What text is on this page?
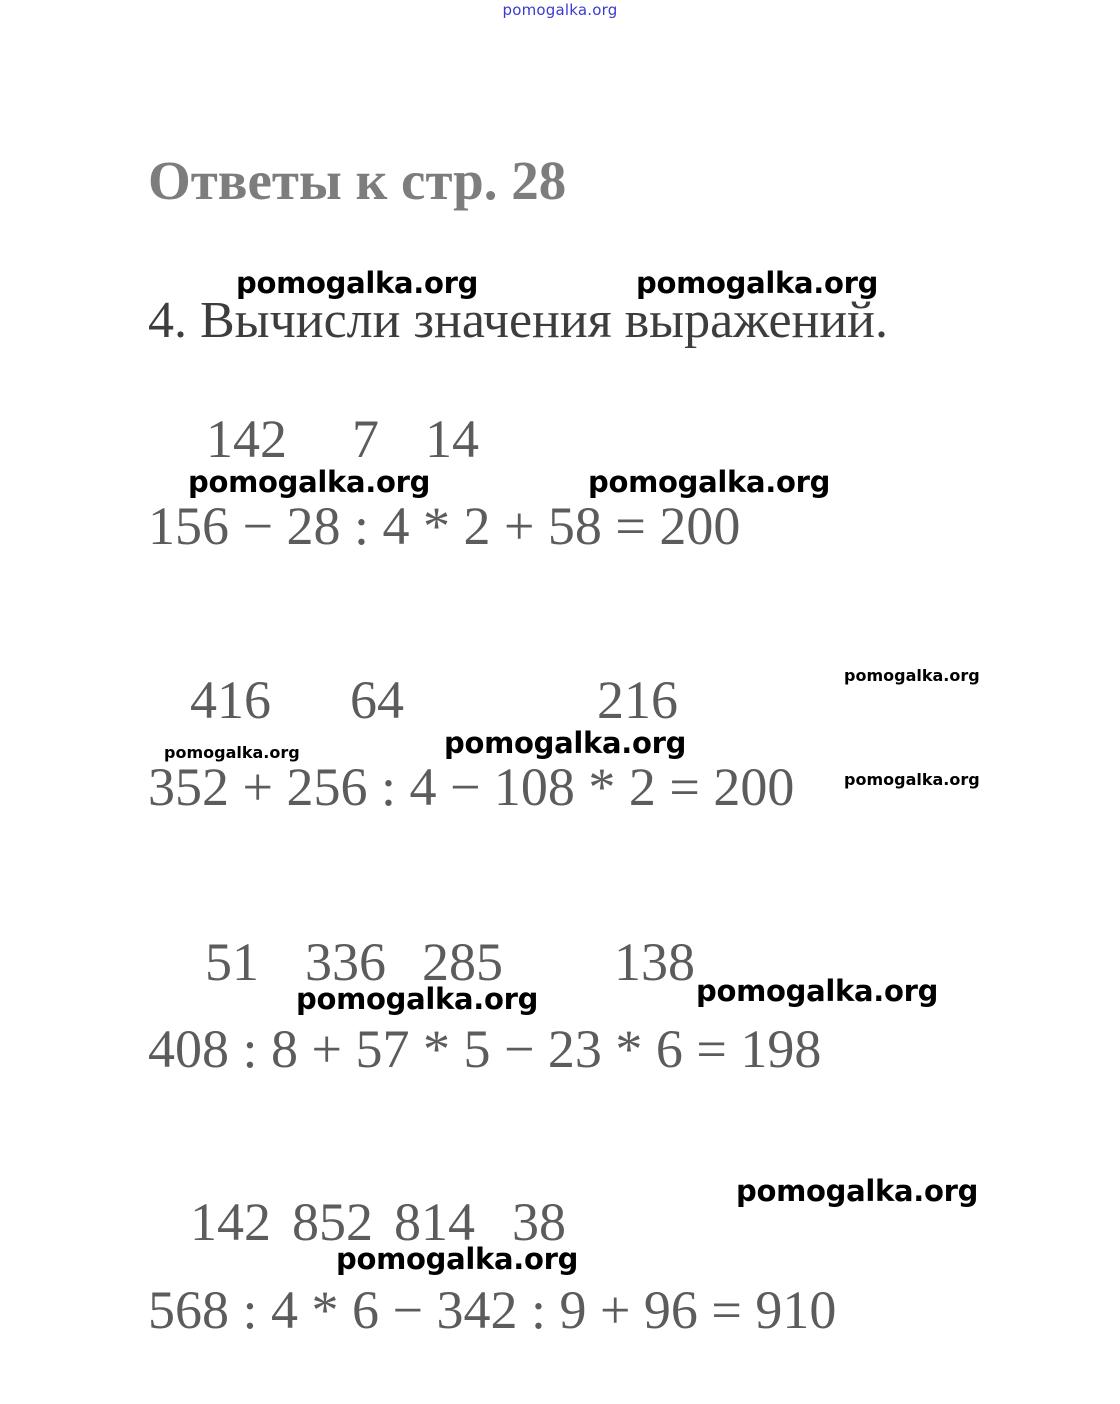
pomogalka.org
Ответы к стр. 28
4. Вычисли значения выражений.
142 7 14
156 − 28 : 4 * 2 + 58 = 200
416 64	216
352 + 256 : 4 − 108 * 2 = 200
51 336 285 138
408 : 8 + 57 * 5 − 23 * 6 = 198
142 852 814 38
568 : 4 * 6 − 342 : 9 + 96 = 910
pomogalka.org	pomogalka.org
pomogalka.org	pomogalka.org
pomogalka.org
pomogalka.org	pomogalka.org
pomogalka.org
pomogalka.org	pomogalka.org
pomogalka.org
pomogalka.org
